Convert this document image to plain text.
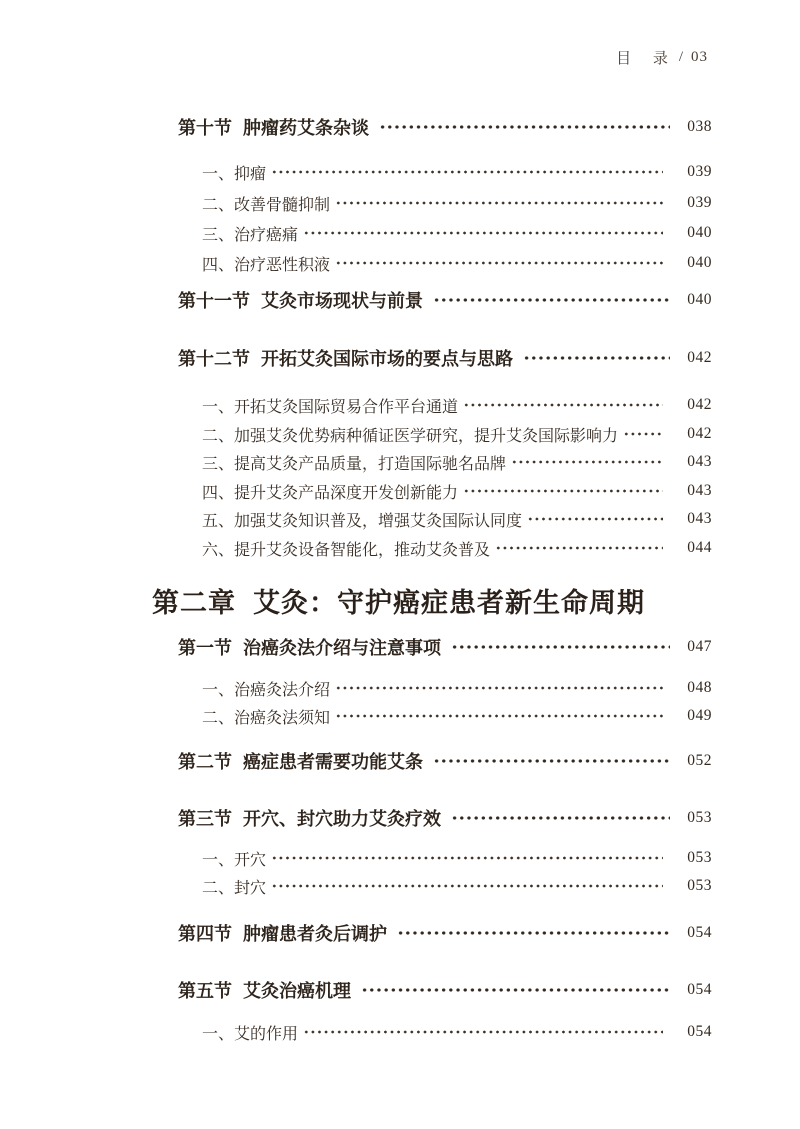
目 录 / 03
第十节 肿瘤药艾条杂谈	038
一、抑瘤	039
二、改善骨髓抑制	039
三、治疗癌痛	040
四、治疗恶性积液	040
第十一节 艾灸市场现状与前景	040
第十二节 开拓艾灸国际市场的要点与思路	042
一、开拓艾灸国际贸易合作平台通道	042
二、加强艾灸优势病种循证医学研究，提升艾灸国际影响力	042
三、提高艾灸产品质量，打造国际驰名品牌	043
四、提升艾灸产品深度开发创新能力	043
五、加强艾灸知识普及，增强艾灸国际认同度	043
六、提升艾灸设备智能化，推动艾灸普及	044
第二章 艾灸：守护癌症患者新生命周期
第一节 治癌灸法介绍与注意事项	047
一、治癌灸法介绍	048
二、治癌灸法须知	049
第二节 癌症患者需要功能艾条	052
第三节 开穴、封穴助力艾灸疗效	053
一、开穴	053
二、封穴	053
第四节 肿瘤患者灸后调护	054
第五节 艾灸治癌机理	054
一、艾的作用	054
